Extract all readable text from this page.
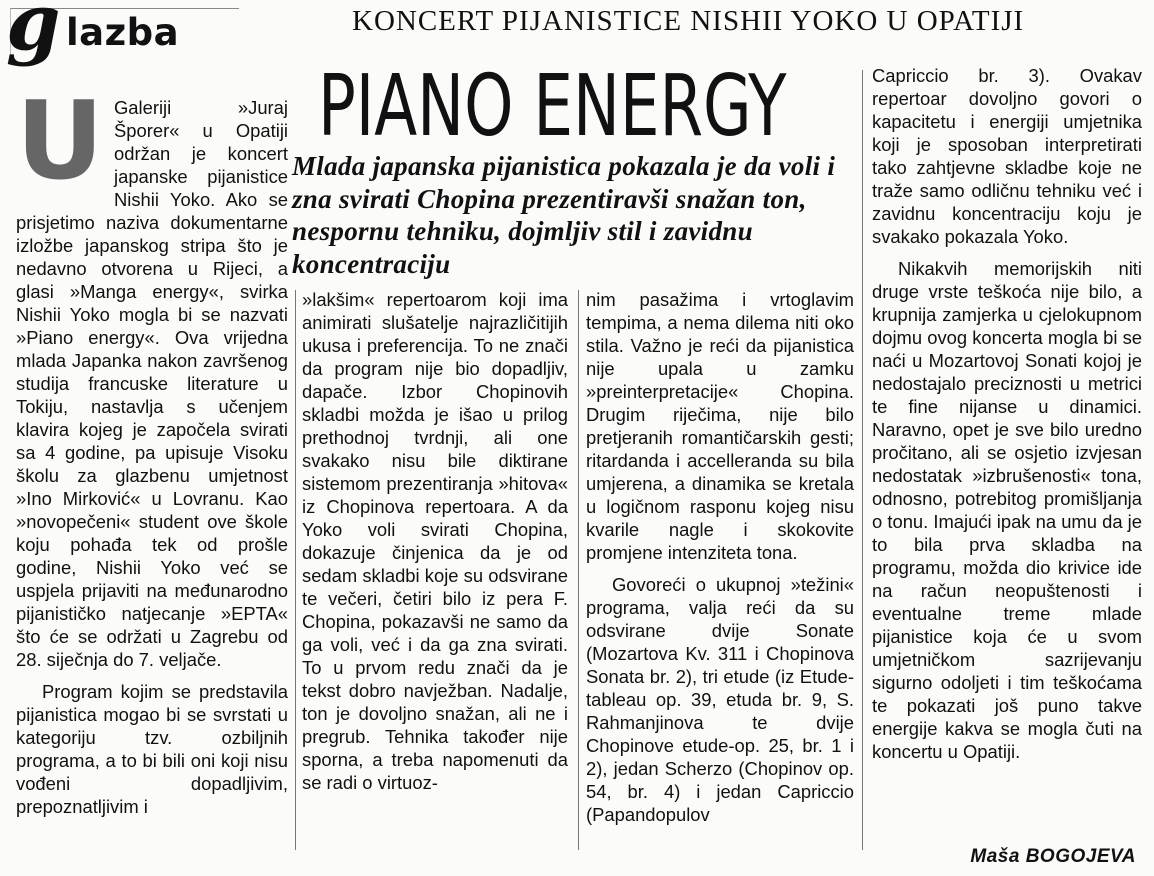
g lazba	KONCERT PIJANISTICE NISHII YOKO U OPATIJI
PIANO ENERGY
Mlada japanska pijanistica pokazala je da voli i zna svirati Chopina prezentiravši snažan ton, nespornu tehniku, dojmljiv stil i zavidnu koncentraciju
U Galeriji »Juraj Šporer« u Opatiji održan je koncert japanske pijanistice Nishii Yoko. Ako se prisjetimo naziva dokumentarne izložbe japanskog stripa što je nedavno otvorena u Rijeci, a glasi »Manga energy«, svirka Nishii Yoko mogla bi se nazvati »Piano energy«. Ova vrijedna mlada Japanka nakon završenog studija francuske literature u Tokiju, nastavlja s učenjem klavira kojeg je započela svirati sa 4 godine, pa upisuje Visoku školu za glazbenu umjetnost »Ino Mirković« u Lovranu. Kao »novopečeni« student ove škole koju pohađa tek od prošle godine, Nishii Yoko već se uspjela prijaviti na međunarodno pijanističko natjecanje »EPTA« što će se održati u Zagrebu od 28. siječnja do 7. veljače.

Program kojim se predstavila pijanistica mogao bi se svrstati u kategoriju tzv. ozbiljnih programa, a to bi bili oni koji nisu vođeni dopadljivim, prepoznatljivim i

»lakšim« repertoarom koji ima animirati slušatelje najrazličitijih ukusa i preferencija. To ne znači da program nije bio dopadljiv, dapače. Izbor Chopinovih skladbi možda je išao u prilog prethodnoj tvrdnji, ali one svakako nisu bile diktirane sistemom prezentiranja »hitova« iz Chopinova repertoara. A da Yoko voli svirati Chopina, dokazuje činjenica da je od sedam skladbi koje su odsvirane te večeri, četiri bilo iz pera F. Chopina, pokazavši ne samo da ga voli, već i da ga zna svirati. To u prvom redu znači da je tekst dobro navježban. Nadalje, ton je dovoljno snažan, ali ne i pregrub. Tehnika također nije sporna, a treba napomenuti da se radi o virtuoz-

nim pasažima i vrtoglavim tempima, a nema dilema niti oko stila. Važno je reći da pijanistica nije upala u zamku »preinterpretacije« Chopina. Drugim riječima, nije bilo pretjeranih romantičarskih gesti; ritardanda i accelleranda su bila umjerena, a dinamika se kretala u logičnom rasponu kojeg nisu kvarile nagle i skokovite promjene intenziteta tona.

Govoreći o ukupnoj »težini« programa, valja reći da su odsvirane dvije Sonate (Mozartova Kv. 311 i Chopinova Sonata br. 2), tri etude (iz Etude-tableau op. 39, etuda br. 9, S. Rahmanjinova te dvije Chopinove etude-op. 25, br. 1 i 2), jedan Scherzo (Chopinov op. 54, br. 4) i jedan Capriccio (Papandopulov

Capriccio br. 3). Ovakav repertoar dovoljno govori o kapacitetu i energiji umjetnika koji je sposoban interpretirati tako zahtjevne skladbe koje ne traže samo odličnu tehniku već i zavidnu koncentraciju koju je svakako pokazala Yoko.

Nikakvih memorijskih niti druge vrste teškoća nije bilo, a krupnija zamjerka u cjelokupnom dojmu ovog koncerta mogla bi se naći u Mozartovoj Sonati kojoj je nedostajalo preciznosti u metrici te fine nijanse u dinamici. Naravno, opet je sve bilo uredno pročitano, ali se osjetio izvjesan nedostatak »izbrušenosti« tona, odnosno, potrebitog promišljanja o tonu. Imajući ipak na umu da je to bila prva skladba na programu, možda dio krivice ide na račun neopuštenosti i eventualne treme mlade pijanistice koja će u svom umjetničkom sazrijevanju sigurno odoljeti i tim teškoćama te pokazati još puno takve energije kakva se mogla čuti na koncertu u Opatiji.

Maša BOGOJEVA
